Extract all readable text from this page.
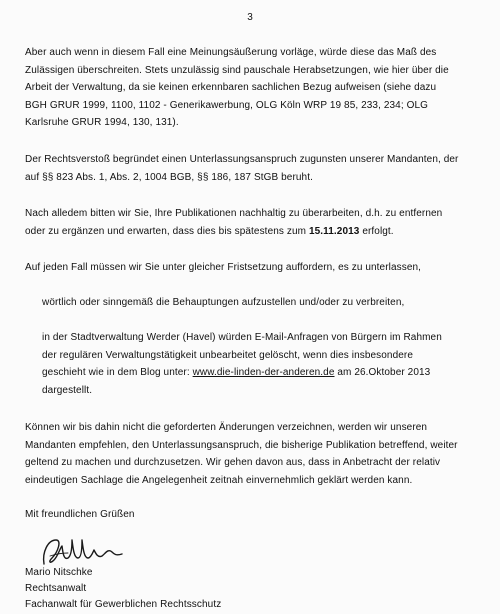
3

Aber auch wenn in diesem Fall eine Meinungsäußerung vorläge, würde diese das Maß des
Zulässigen überschreiten. Stets unzulässig sind pauschale Herabsetzungen, wie hier über die
Arbeit der Verwaltung, da sie keinen erkennbaren sachlichen Bezug aufweisen (siehe dazu
BGH GRUR 1999, 1100, 1102 - Generikawerbung, OLG Köln WRP 19 85, 233, 234; OLG
Karlsruhe GRUR 1994, 130, 131).

Der Rechtsverstoß begründet einen Unterlassungsanspruch zugunsten unserer Mandanten, der
auf §§ 823 Abs. 1, Abs. 2, 1004 BGB, §§ 186, 187 StGB beruht.

Nach alledem bitten wir Sie, Ihre Publikationen nachhaltig zu überarbeiten, d.h. zu entfernen
oder zu ergänzen und erwarten, dass dies bis spätestens zum 15.11.2013 erfolgt.

Auf jeden Fall müssen wir Sie unter gleicher Fristsetzung auffordern, es zu unterlassen,

wörtlich oder sinngemäß die Behauptungen aufzustellen und/oder zu verbreiten,

in der Stadtverwaltung Werder (Havel) würden E-Mail-Anfragen von Bürgern im Rahmen
der regulären Verwaltungstätigkeit unbearbeitet gelöscht, wenn dies insbesondere
geschieht wie in dem Blog unter: www.die-linden-der-anderen.de am 26.Oktober 2013
dargestellt.

Können wir bis dahin nicht die geforderten Änderungen verzeichnen, werden wir unseren
Mandanten empfehlen, den Unterlassungsanspruch, die bisherige Publikation betreffend, weiter
geltend zu machen und durchzusetzen. Wir gehen davon aus, dass in Anbetracht der relativ
eindeutigen Sachlage die Angelegenheit zeitnah einvernehmlich geklärt werden kann.

Mit freundlichen Grüßen

Mario Nitschke
Rechtsanwalt
Fachanwalt für Gewerblichen Rechtsschutz
